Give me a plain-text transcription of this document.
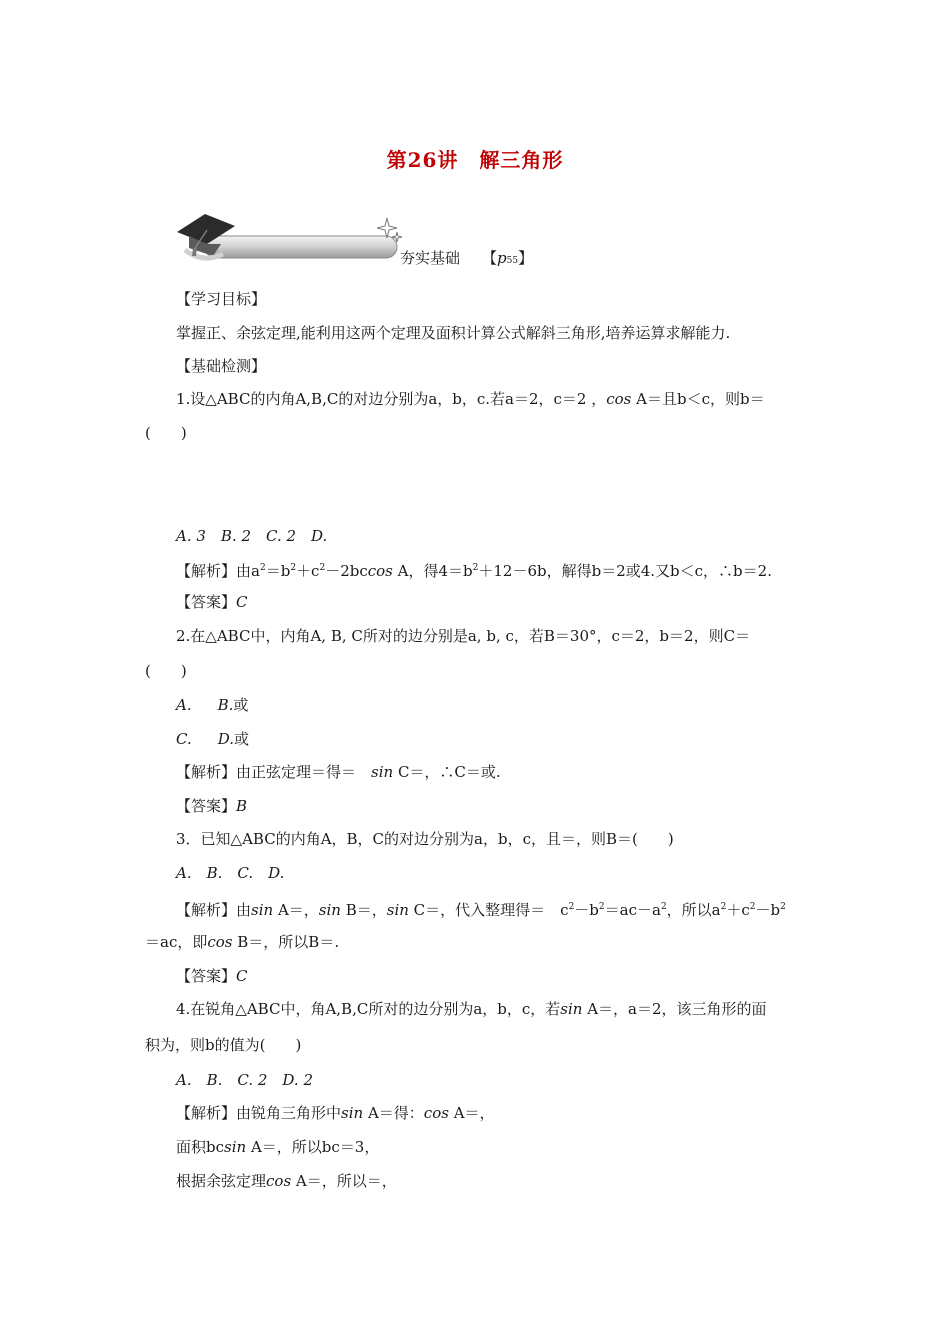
第26讲　解三角形
夯实基础 【p55】
【学习目标】
掌握正、余弦定理,能利用这两个定理及面积计算公式解斜三角形,培养运算求解能力.
【基础检测】
1.设△ABC的内角A,B,C的对边分别为a，b，c.若a＝2，c＝2 ，cos A＝且b＜c，则b＝
(　　)
A. 3　B. 2　C. 2　D.
【解析】由$a^2=b^2+c^2-2bccos$ A，得$4=b^2+12-6b$，解得b＝2或4.又b＜c，∴b＝2.
【答案】C
2.在△ABC中，内角A, B, C所对的边分别是a, b, c，若B＝30°，c＝2，b＝2，则C＝
(　　)
A. B.或
C. D.或
【解析】由正弦定理＝得＝　sin C＝，∴C＝或.
【答案】B
3．已知△ABC的内角A，B，C的对边分别为a，b，c，且＝，则B＝(　　)
A.　B.　C.　D.
【解析】由sin A＝，sin B＝，sin C＝，代入整理得＝　$c^2-b^2=ac-a^2$，所以$a^2+c^2-b^2$
＝ac，即cos B＝，所以B＝.
【答案】C
4.在锐角△ABC中，角A,B,C所对的边分别为a，b，c，若sin A＝，a＝2，该三角形的面
积为，则b的值为(　　)
A.　B.　C. 2　D. 2
【解析】由锐角三角形中sin A＝得：cos A＝，
面积bcsin A＝，所以bc＝3，
根据余弦定理cos A＝，所以＝，
